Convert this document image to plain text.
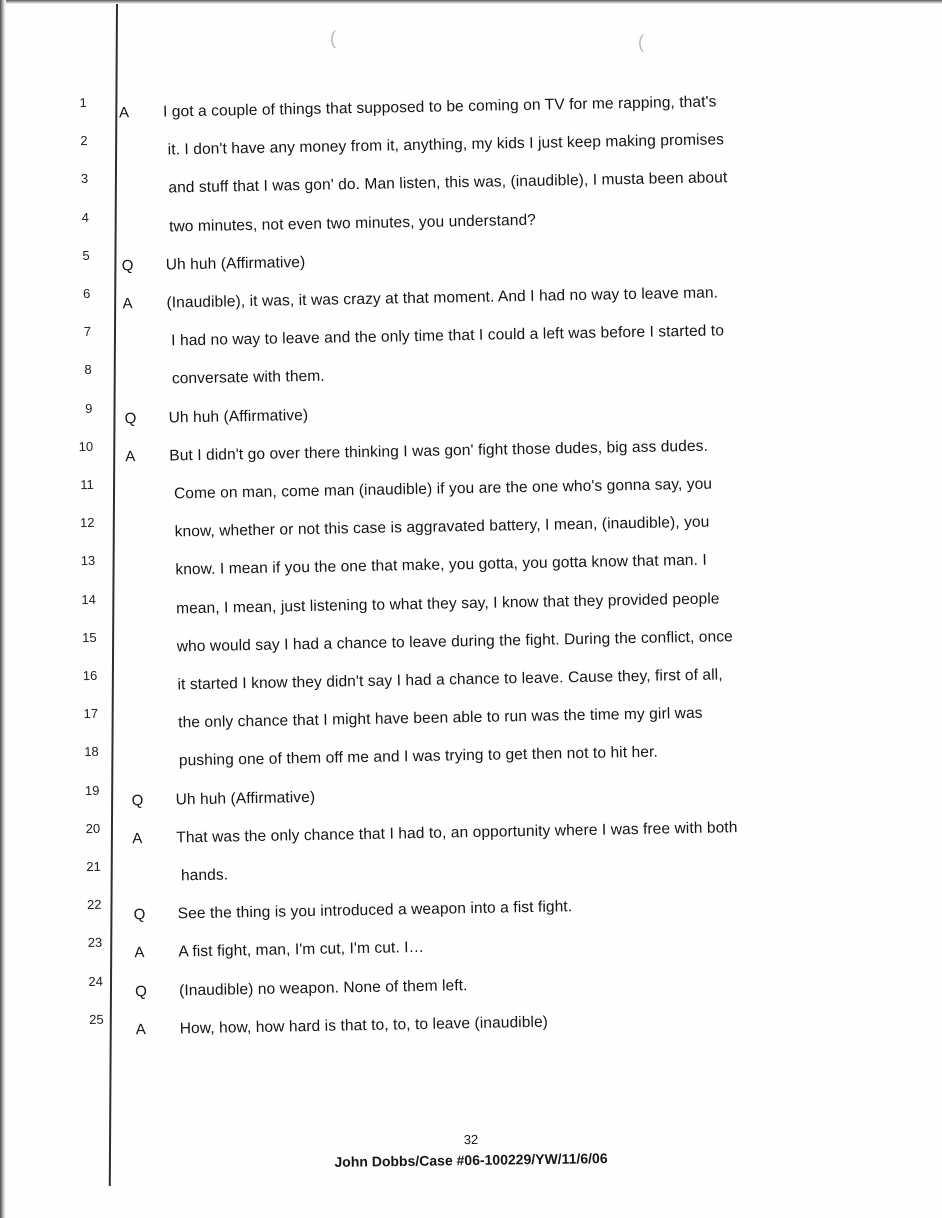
(	(
1
A I got a couple of things that supposed to be coming on TV for me rapping, that's
2	it. I don't have any money from it, anything, my kids I just keep making promises
3	and stuff that I was gon' do. Man listen, this was, (inaudible), I musta been about
4	two minutes, not even two minutes, you understand?
5
Q Uh huh (Affirmative)
6
A (Inaudible), it was, it was crazy at that moment. And I had no way to leave man.
7	I had no way to leave and the only time that I could a left was before I started to
8	conversate with them.
9
Q Uh huh (Affirmative)
10
A But I didn't go over there thinking I was gon' fight those dudes, big ass dudes.
11	Come on man, come man (inaudible) if you are the one who's gonna say, you
12	know, whether or not this case is aggravated battery, I mean, (inaudible), you
13	know. I mean if you the one that make, you gotta, you gotta know that man. I
14	mean, I mean, just listening to what they say, I know that they provided people
15	who would say I had a chance to leave during the fight. During the conflict, once
16	it started I know they didn't say I had a chance to leave. Cause they, first of all,
17	the only chance that I might have been able to run was the time my girl was
18	pushing one of them off me and I was trying to get then not to hit her.
19
Q Uh huh (Affirmative)
20
A That was the only chance that I had to, an opportunity where I was free with both
21
hands.
22
Q See the thing is you introduced a weapon into a fist fight.
23
A A fist fight, man, I'm cut, I'm cut. I…
24
Q (Inaudible) no weapon. None of them left.
25
A How, how, how hard is that to, to, to leave (inaudible)
32
John Dobbs/Case #06-100229/YW/11/6/06
